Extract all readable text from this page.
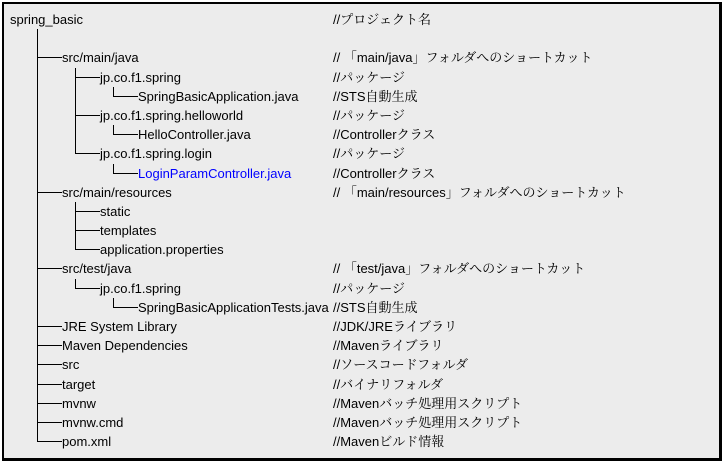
spring_basic	//プロジェクト名
src/main/java	// 「main/java」フォルダへのショートカット
jp.co.f1.spring	//パッケージ
SpringBasicApplication.java	//STS自動生成
jp.co.f1.spring.helloworld	//パッケージ
HelloController.java	//Controllerクラス
jp.co.f1.spring.login	//パッケージ
LoginParamController.java	//Controllerクラス
src/main/resources	// 「main/resources」フォルダへのショートカット
static
templates
application.properties
src/test/java	// 「test/java」フォルダへのショートカット
jp.co.f1.spring	//パッケージ
SpringBasicApplicationTests.java //STS自動生成
JRE System Library	//JDK/JREライブラリ
Maven Dependencies	//Mavenライブラリ
src	//ソースコードフォルダ
target	//バイナリフォルダ
mvnw	//Mavenバッチ処理用スクリプト
mvnw.cmd	//Mavenバッチ処理用スクリプト
pom.xml	//Mavenビルド情報
